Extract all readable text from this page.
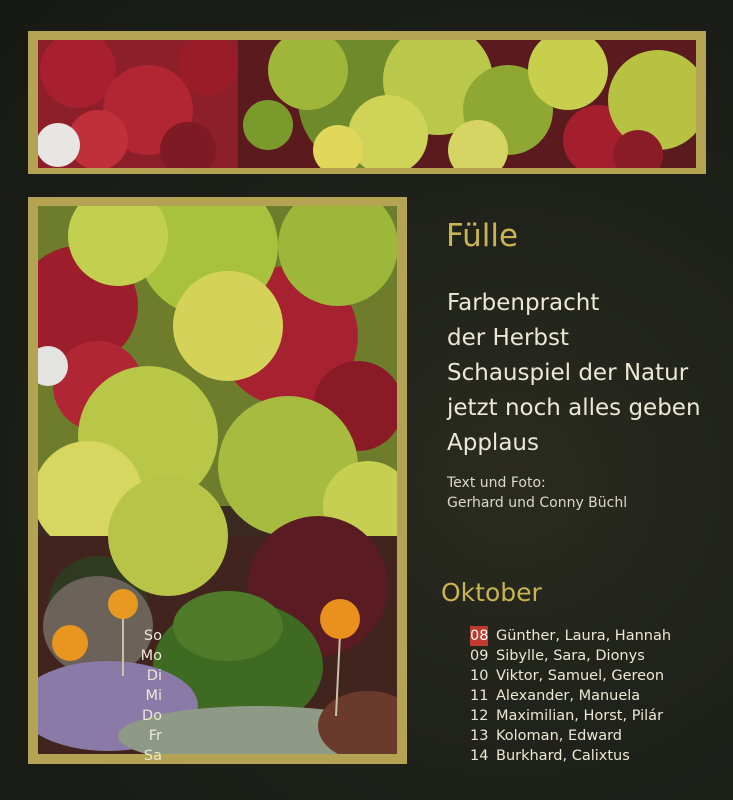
Fülle
Farbenpracht
der Herbst
Schauspiel der Natur
jetzt noch alles geben
Applaus
Text und Foto:
Gerhard und Conny Büchl
Oktober
So	08 Günther, Laura, Hannah
Mo	09 Sibylle, Sara, Dionys
Di	10 Viktor, Samuel, Gereon
Mi	11 Alexander, Manuela
Do	12 Maximilian, Horst, Pilár
Fr	13 Koloman, Edward
Sa	14 Burkhard, Calixtus
